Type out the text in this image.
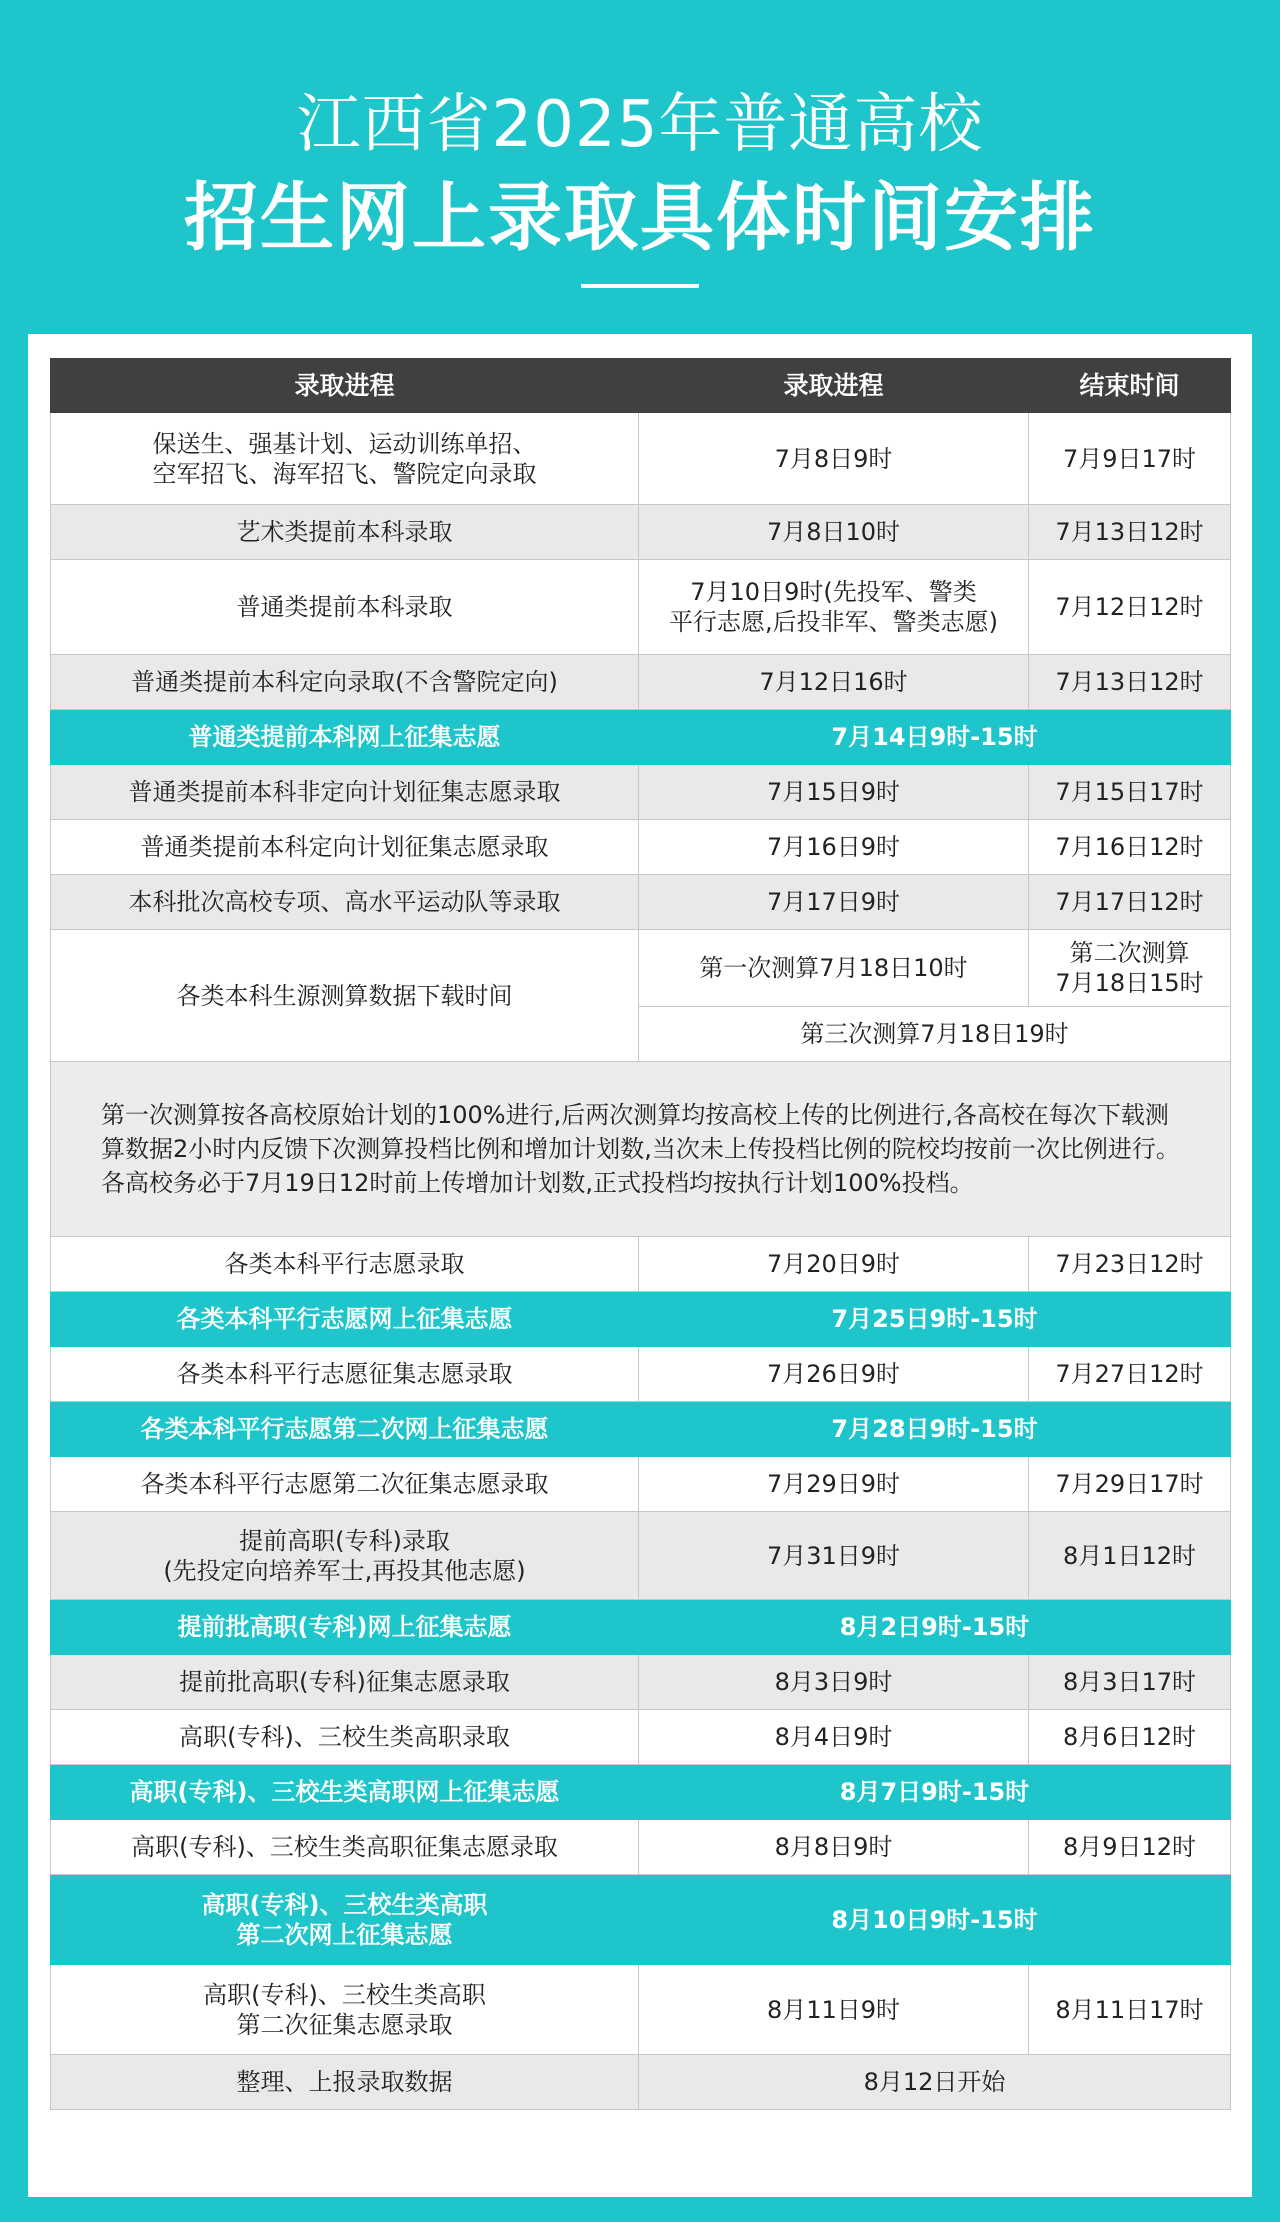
江西省2025年普通高校
招生网上录取具体时间安排
录取进程	录取进程	结束时间

保送生、强基计划、运动训练单招、
空军招飞、海军招飞、警院定向录取	7月8日9时	7月9日17时
艺术类提前本科录取	7月8日10时	7月13日12时
普通类提前本科录取	7月10日9时(先投军、警类
平行志愿,后投非军、警类志愿)	7月12日12时
普通类提前本科定向录取(不含警院定向)	7月12日16时	7月13日12时
普通类提前本科网上征集志愿	7月14日9时-15时	
普通类提前本科非定向计划征集志愿录取	7月15日9时	7月15日17时
普通类提前本科定向计划征集志愿录取	7月16日9时	7月16日12时
本科批次高校专项、高水平运动队等录取	7月17日9时	7月17日12时
各类本科生源测算数据下载时间	第一次测算7月18日10时	第二次测算
7月18日15时

	第三次测算7月18日19时	
第一次测算按各高校原始计划的100%进行,后两次测算均按高校上传的比例进行,各高校在每次下载测算数据2小时内反馈下次测算投档比例和增加计划数,当次未上传投档比例的院校均按前一次比例进行。各高校务必于7月19日12时前上传增加计划数,正式投档均按执行计划100%投档。		
各类本科平行志愿录取	7月20日9时	7月23日12时
各类本科平行志愿网上征集志愿	7月25日9时-15时	
各类本科平行志愿征集志愿录取	7月26日9时	7月27日12时
各类本科平行志愿第二次网上征集志愿	7月28日9时-15时	
各类本科平行志愿第二次征集志愿录取	7月29日9时	7月29日17时

提前高职(专科)录取
(先投定向培养军士,再投其他志愿)	7月31日9时	8月1日12时
提前批高职(专科)网上征集志愿	8月2日9时-15时	
提前批高职(专科)征集志愿录取	8月3日9时	8月3日17时
高职(专科)、三校生类高职录取	8月4日9时	8月6日12时
高职(专科)、三校生类高职网上征集志愿	8月7日9时-15时	
高职(专科)、三校生类高职征集志愿录取	8月8日9时	8月9日12时

高职(专科)、三校生类高职
第二次网上征集志愿	8月10日9时-15时	

高职(专科)、三校生类高职
第二次征集志愿录取	8月11日9时	8月11日17时
整理、上报录取数据	8月12日开始	
